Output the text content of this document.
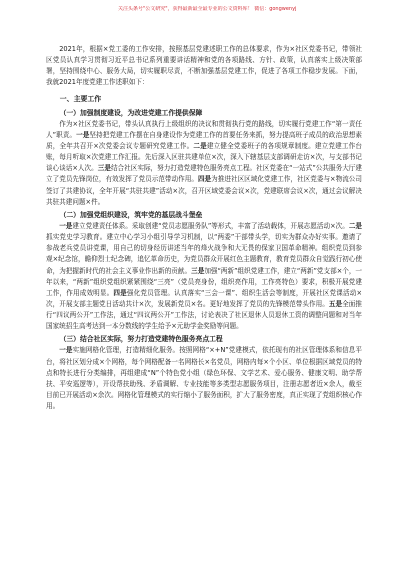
关注头条号"公文研究"，获得最新最全最专业的公文资料库！ 微信：gongwenyj

2021年，根据×党工委的工作安排，按照基层党建述职工作的总体要求，作为×社区党委书记，带领社区党员认真学习贯彻习近平总书记系列重要讲话精神和党的各项路线、方针、政策，认真落实上级决策部署，坚持围绕中心、服务大局，切实履职尽责，不断加强基层党建工作，促进了各项工作稳步发展。下面，我就2021年度党建工作述职如下：

一、主要工作
（一）加强制度建设，为改进党建工作提供保障

作为×社区党委书记，带头认真执行上级组织的决议和贯彻执行党的路线，切实履行党建工作“第一责任人”职责。一是坚持把党建工作摆在自身建设作为党建工作的首要任务来抓，努力提高班子成员的政治思想素质，全年共召开×次党委会议专题研究党建工作。二是建立健全党委班子的各项规章制度。建立党建工作台账，每月听取×次党建工作汇报。先后深入区驻共建单位×次，深入下辖基层支部调研走访×次，与支部书记谈心谈话×人次。三是结合社区实际，努力打造党建特色服务亮点工程。社区党委在“一站式”公共服务大厅建立了党员先锋岗位，有效发挥了党员示范带动作用。四是为推进社区区域化党建工作，社区党委与×物流公司签订了共建协议，全年开展“共驻共建”活动×次，召开区域党委会议×次，党建联席会议×次，通过会议解决共驻共建问题×件。

（二）加强党组织建设，筑牢党的基层战斗堡垒

一是建立党建责任体系。采取创建“党员志愿服务队”等形式，丰富了活动载体，开展志愿活动×次。二是抓实党史学习教育。建立中心学习小组引导学习机制，以“两委”干部带头学，切实为群众办好实事。邀请了参战老兵党员讲党课，用自己的切身经历讲述当年的烽火战争和大无畏的保家卫国革命精神。组织党员到参观×纪念馆，瞻仰烈士纪念碑，追忆革命历史，为党员群众开展红色主题教育，教育党员群众自觉践行初心使命，为把握新时代的社会主义事业作出新的贡献。三是加强“两新”组织党建工作，建立“两新”党支部×个，一年以来，“两新”组织党组织紧紧围绕“三亮”（党员亮身份，组织亮作用，工作亮特色）要求，积极开展党建工作，作用成效明显。四是强化党员管理。认真落实“三会一课”、组织生活会等制度，开展社区党课活动×次，开展支部主题党日活动共计×次，发展新党员×名。更好地发挥了党员的先锋模范带头作用。五是全面推行“四议两公开”工作法，通过“四议两公开”工作法，讨论表决了社区退休人员退休工资的调整问题和对当年国家统招生高考达到一本分数线的学生给予×元助学金奖励等问题。

（三）结合社区实际，努力打造党建特色服务亮点工程

一是实施网格化管理，打造精细化服务。按照网格“×+N”党建模式，依托现有的社区管理体系和信息平台，将社区划分成×个网格，每个网格配备一名网格长×名党员，网格内每×个小区、单位根据区域党员的特点和特长进行分类编排，再组建成“N”个特色党小组（绿色环保、文学艺术、爱心服务、健康文明、助学帮扶、平安巡逻等），开设帮扶助残、矛盾调解、专业技能等多类型志愿服务项目，注册志愿者近×余人，截至目前已开展活动×余次。网格化管理模式的实行缩小了服务面积，扩大了服务密度，真正实现了党组织核心作用。
